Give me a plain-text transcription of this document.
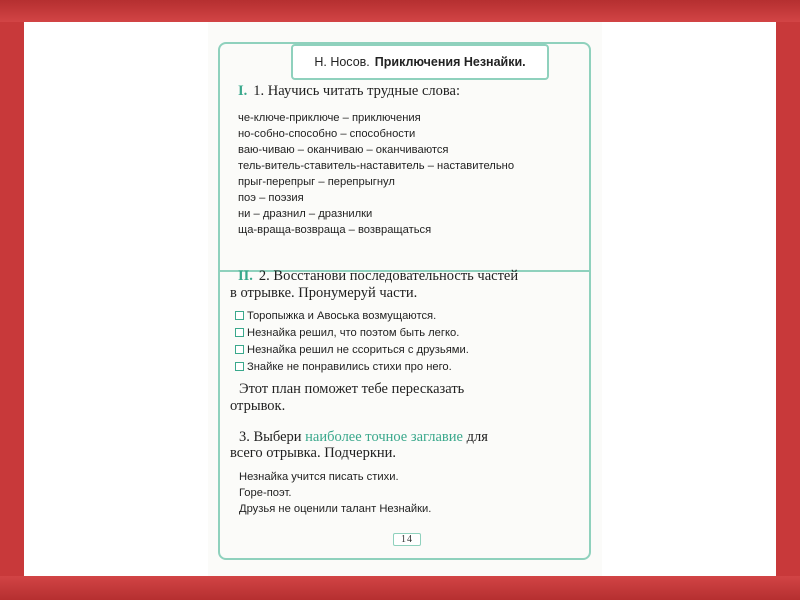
Н. Носов. Приключения Незнайки.
I. 1. Научись читать трудные слова:
че-ключе-приключе – приключения
но-собно-способно – способности
ваю-чиваю – оканчиваю – оканчиваются
тель-витель-ставитель-наставитель – наставительно
прыг-перепрыг – перепрыгнул
поэ – поэзия
ни – дразнил – дразнилки
ща-враща-возвраща – возвращаться
II. 2. Восстанови последовательность частей
в отрывке. Пронумеруй части.
Торопыжка и Авоська возмущаются.
Незнайка решил, что поэтом быть легко.
Незнайка решил не ссориться с друзьями.
Знайке не понравились стихи про него.
Этот план поможет тебе пересказать
отрывок.
3. Выбери наиболее точное заглавие для
всего отрывка. Подчеркни.
Незнайка учится писать стихи.
Горе-поэт.
Друзья не оценили талант Незнайки.
14
